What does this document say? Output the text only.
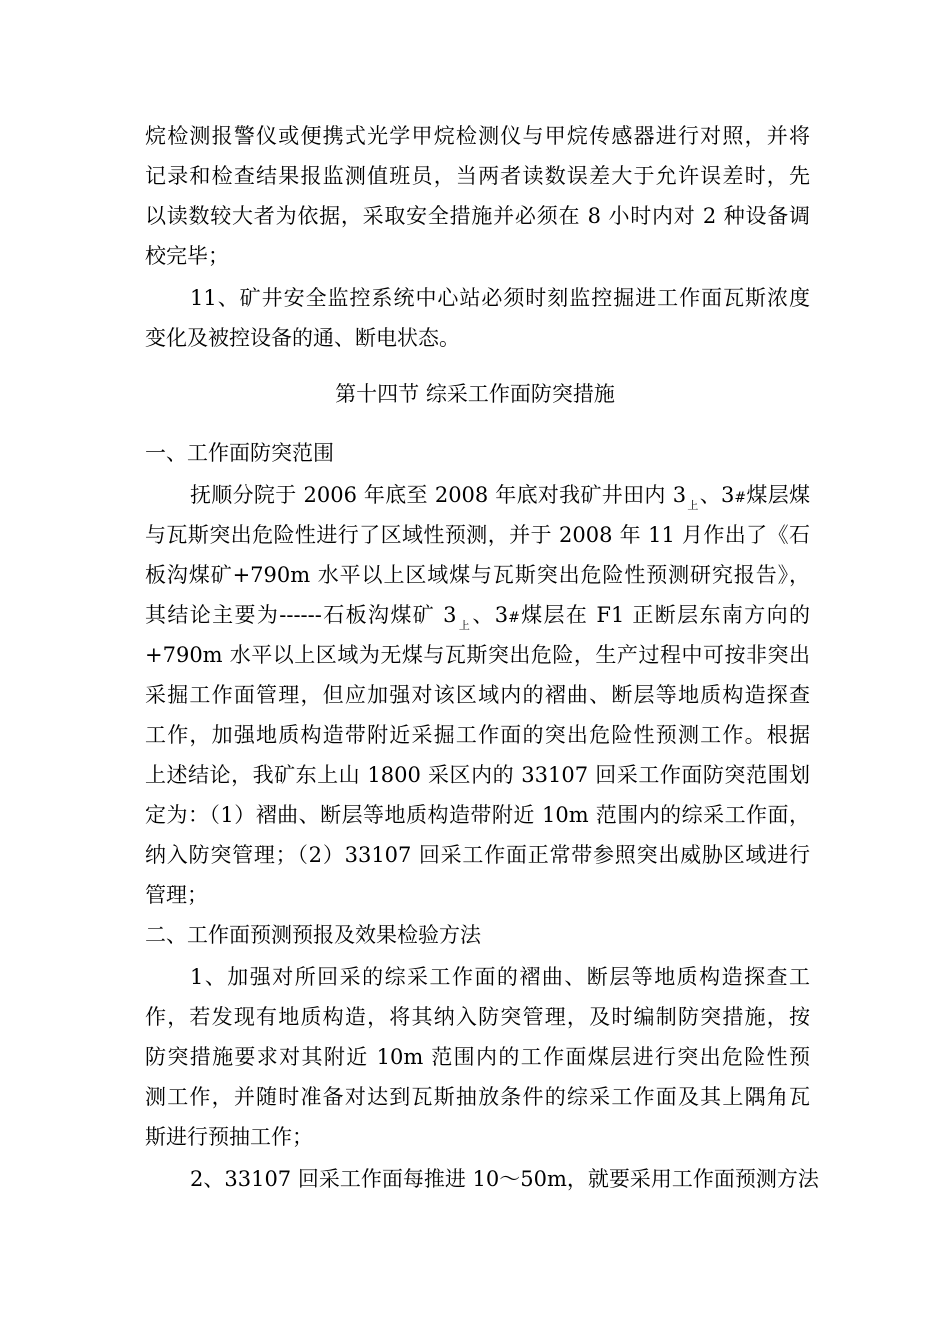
烷检测报警仪或便携式光学甲烷检测仪与甲烷传感器进行对照，并将
记录和检查结果报监测值班员，当两者读数误差大于允许误差时，先
以读数较大者为依据，采取安全措施并必须在 8 小时内对 2 种设备调
校完毕；
11、矿井安全监控系统中心站必须时刻监控掘进工作面瓦斯浓度
变化及被控设备的通、断电状态。
第十四节 综采工作面防突措施
一、工作面防突范围
抚顺分院于 2006 年底至 2008 年底对我矿井田内 $3_上$、3#煤层煤
与瓦斯突出危险性进行了区域性预测，并于 2008 年 11 月作出了《石
板沟煤矿+790m 水平以上区域煤与瓦斯突出危险性预测研究报告》，
其结论主要为------石板沟煤矿 $3_上$、3#煤层在 F1 正断层东南方向的
+790m 水平以上区域为无煤与瓦斯突出危险，生产过程中可按非突出
采掘工作面管理，但应加强对该区域内的褶曲、断层等地质构造探查
工作，加强地质构造带附近采掘工作面的突出危险性预测工作。根据
上述结论，我矿东上山 1800 采区内的 33107 回采工作面防突范围划
定为：（1）褶曲、断层等地质构造带附近 10m 范围内的综采工作面，
纳入防突管理；（2）33107 回采工作面正常带参照突出威胁区域进行
管理；
二、工作面预测预报及效果检验方法
1、加强对所回采的综采工作面的褶曲、断层等地质构造探查工
作，若发现有地质构造，将其纳入防突管理，及时编制防突措施，按
防突措施要求对其附近 10m 范围内的工作面煤层进行突出危险性预
测工作，并随时准备对达到瓦斯抽放条件的综采工作面及其上隅角瓦
斯进行预抽工作；
2、33107 回采工作面每推进 10～50m，就要采用工作面预测方法
